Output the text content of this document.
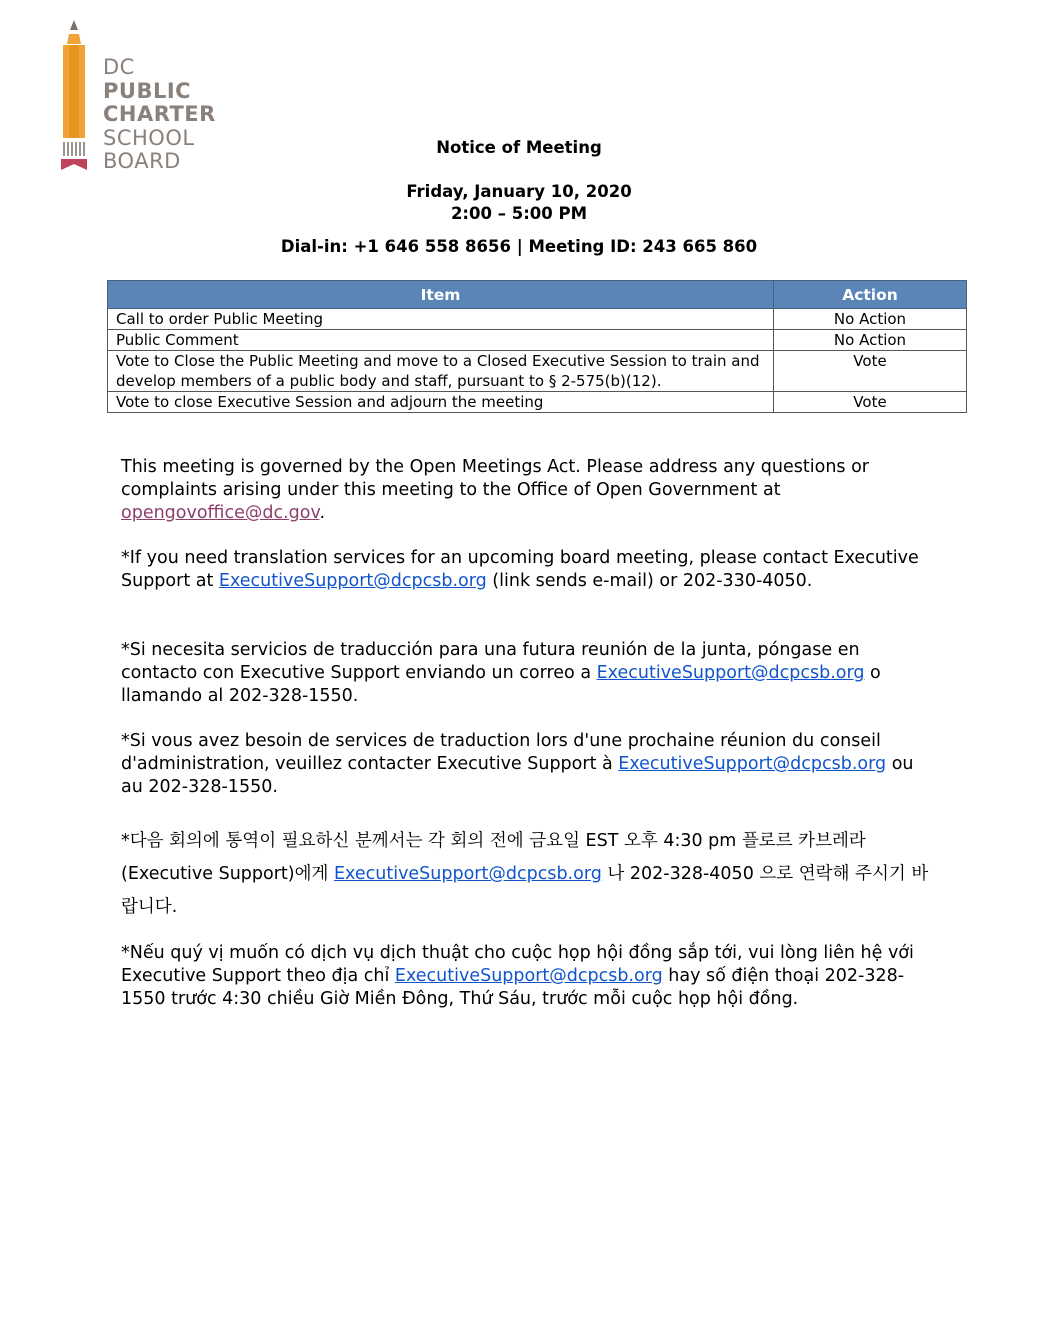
DC
PUBLIC
CHARTER
SCHOOL
BOARD
Notice of Meeting
Friday, January 10, 2020
2:00 – 5:00 PM
Dial-in: +1 646 558 8656 | Meeting ID: 243 665 860
Item	Action
Call to order Public Meeting	No Action
Public Comment	No Action
Vote to Close the Public Meeting and move to a Closed Executive Session to train and develop members of a public body and staff, pursuant to § 2-575(b)(12).	Vote
Vote to close Executive Session and adjourn the meeting	Vote

This meeting is governed by the Open Meetings Act. Please address any questions or complaints arising under this meeting to the Office of Open Government at opengovoffice@dc.gov.

*If you need translation services for an upcoming board meeting, please contact Executive Support at ExecutiveSupport@dcpcsb.org (link sends e-mail) or 202-330-4050.

*Si necesita servicios de traducción para una futura reunión de la junta, póngase en contacto con Executive Support enviando un correo a ExecutiveSupport@dcpcsb.org o llamando al 202-328-1550.

*Si vous avez besoin de services de traduction lors d'une prochaine réunion du conseil d'administration, veuillez contacter Executive Support à ExecutiveSupport@dcpcsb.org ou au 202-328-1550.

*다음 회의에 통역이 필요하신 분께서는 각 회의 전에 금요일 EST 오후 4:30 pm 플로르 카브레라 (Executive Support)에게 ExecutiveSupport@dcpcsb.org 나 202-328-4050 으로 연락해 주시기 바랍니다.

*Nếu quý vị muốn có dịch vụ dịch thuật cho cuộc họp hội đồng sắp tới, vui lòng liên hệ với Executive Support theo địa chỉ ExecutiveSupport@dcpcsb.org hay số điện thoại 202-328- 1550 trước 4:30 chiều Giờ Miền Đông, Thứ Sáu, trước mỗi cuộc họp hội đồng.
